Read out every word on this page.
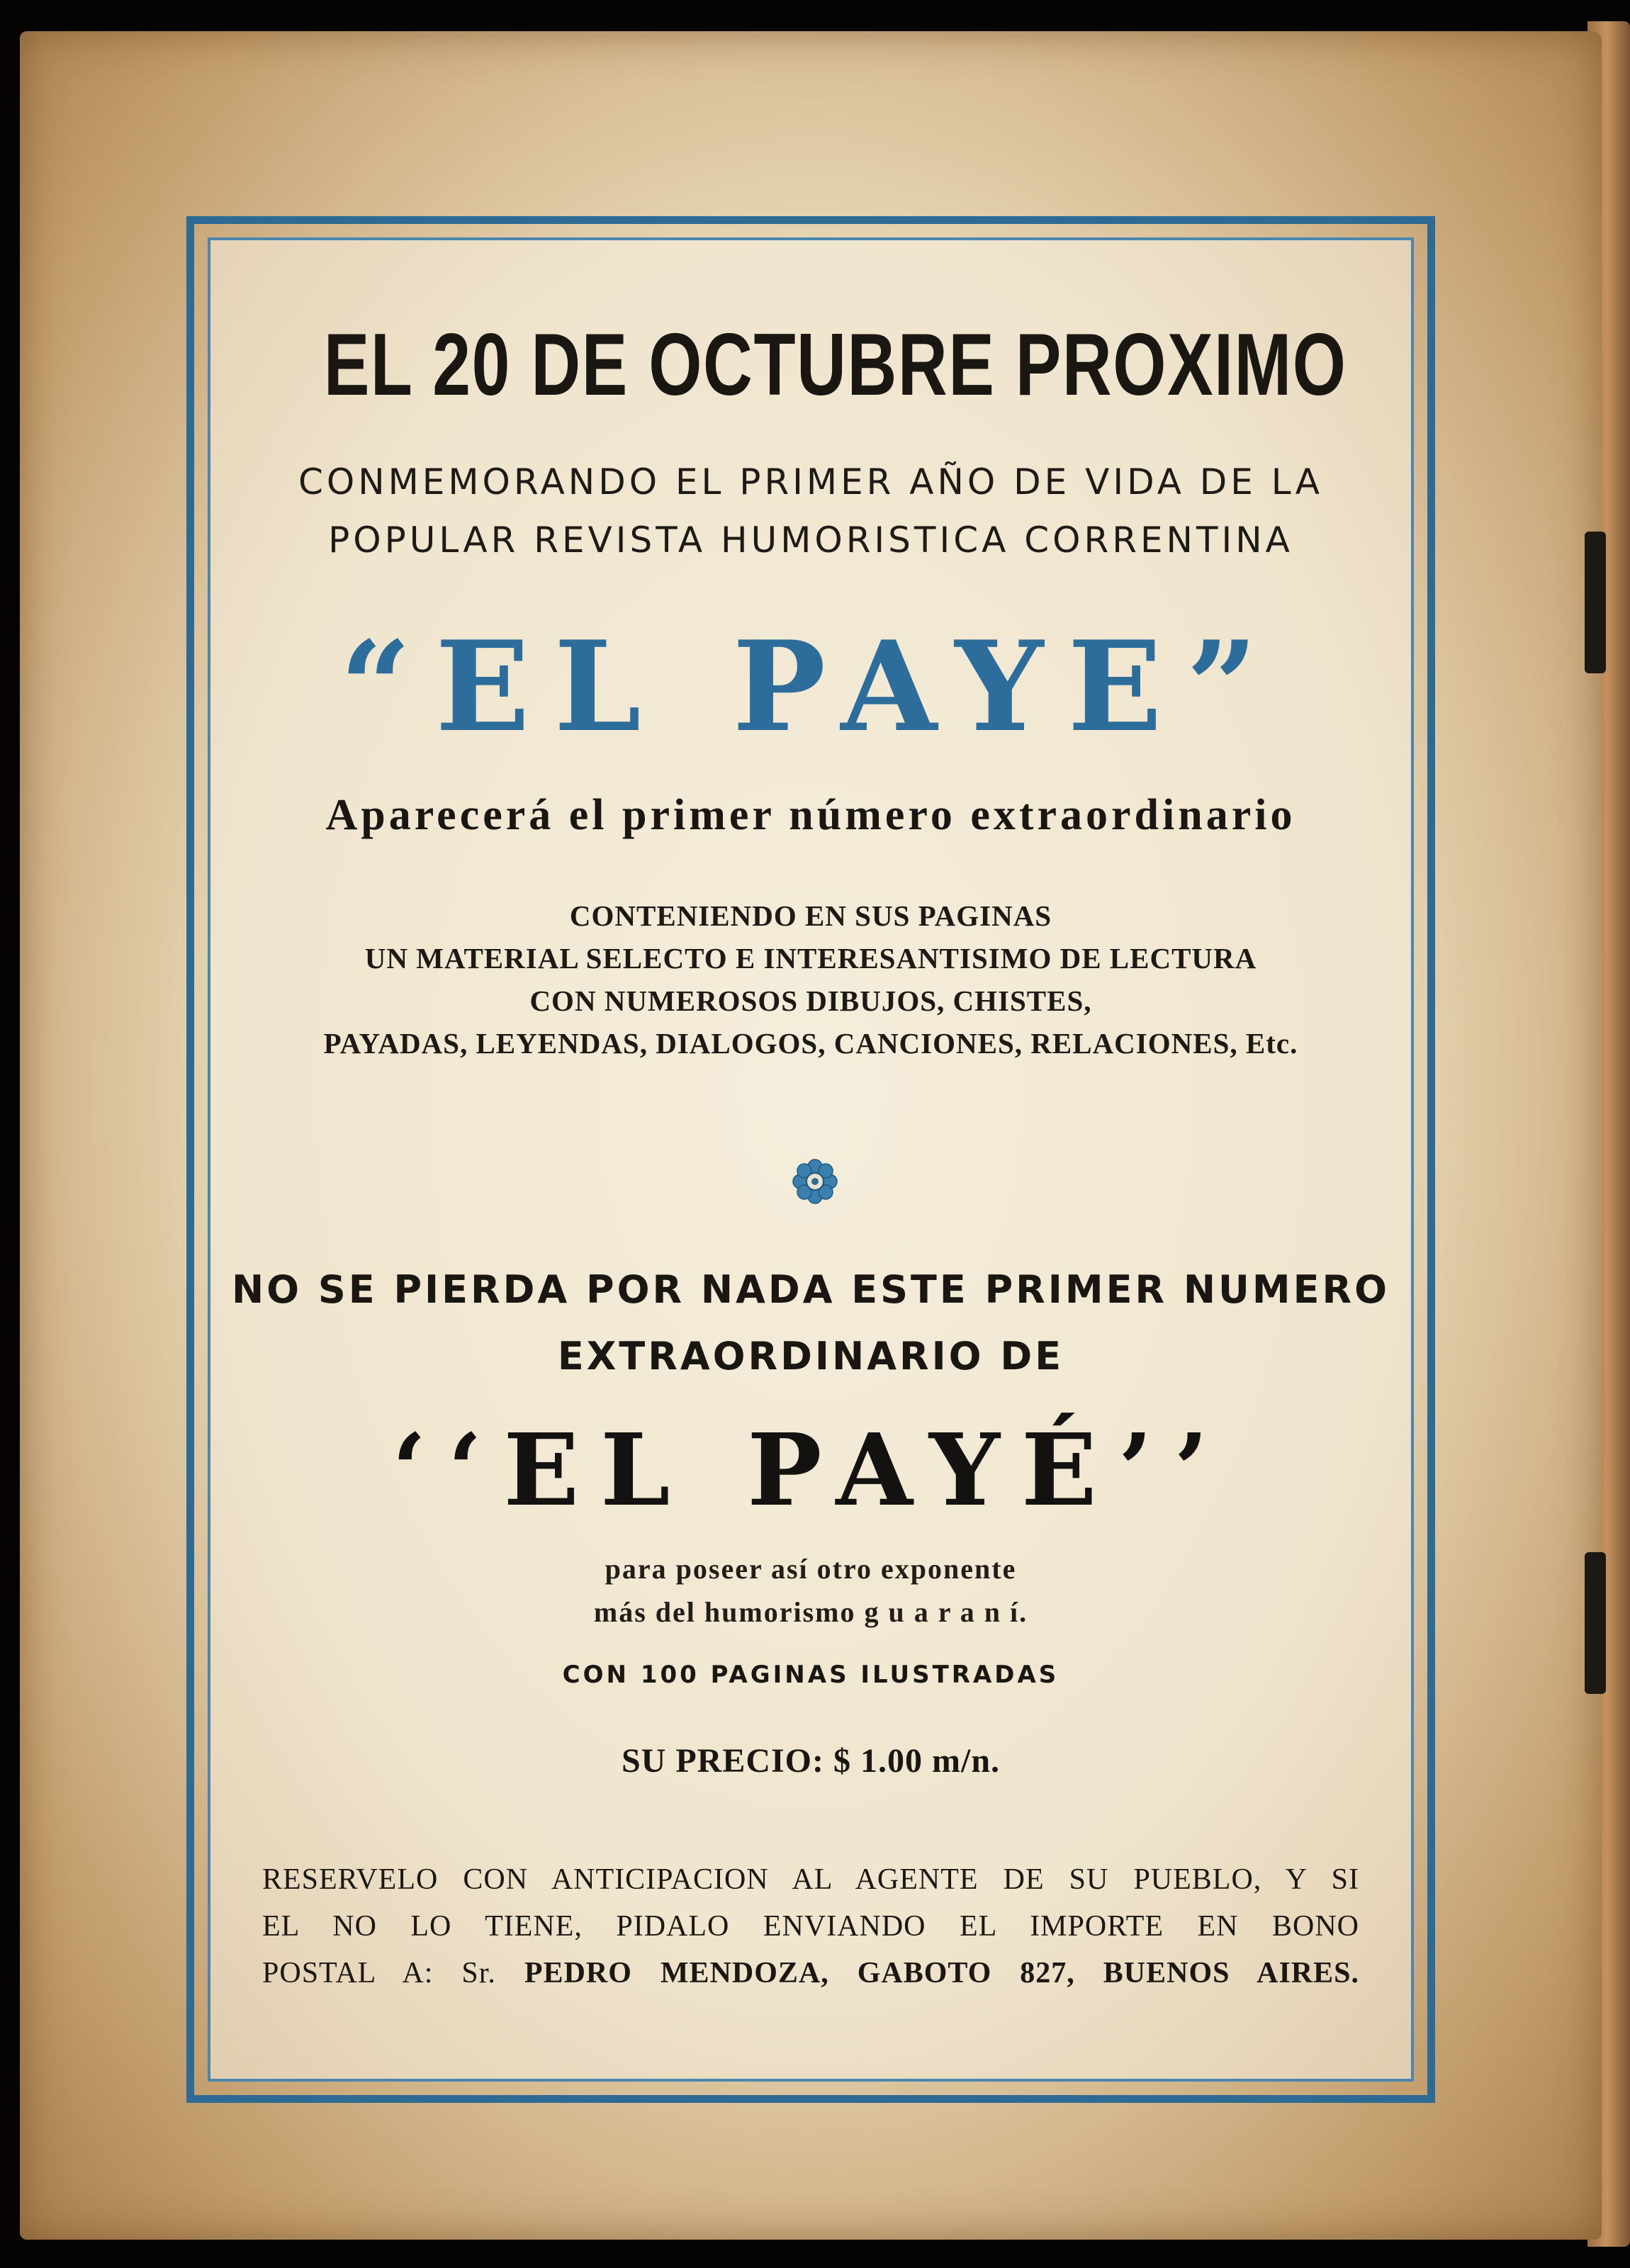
EL 20 DE OCTUBRE PROXIMO
CONMEMORANDO EL PRIMER AÑO DE VIDA DE LA
POPULAR REVISTA HUMORISTICA CORRENTINA
“EL PAYE”
Aparecerá el primer número extraordinario
CONTENIENDO EN SUS PAGINAS
UN MATERIAL SELECTO E INTERESANTISIMO DE LECTURA
CON NUMEROSOS DIBUJOS, CHISTES,
PAYADAS, LEYENDAS, DIALOGOS, CANCIONES, RELACIONES, Etc.
NO SE PIERDA POR NADA ESTE PRIMER NUMERO
EXTRAORDINARIO DE
‘‘EL PAYÉ’’
para poseer así otro exponente
más del humorismo g u a r a n í.
CON 100 PAGINAS ILUSTRADAS
SU PRECIO: $ 1.00 m/n.
RESERVELO CON ANTICIPACION AL AGENTE DE SU PUEBLO, Y SI
EL NO LO TIENE, PIDALO ENVIANDO EL IMPORTE EN BONO
POSTAL A: Sr. PEDRO MENDOZA, GABOTO 827, BUENOS AIRES.
